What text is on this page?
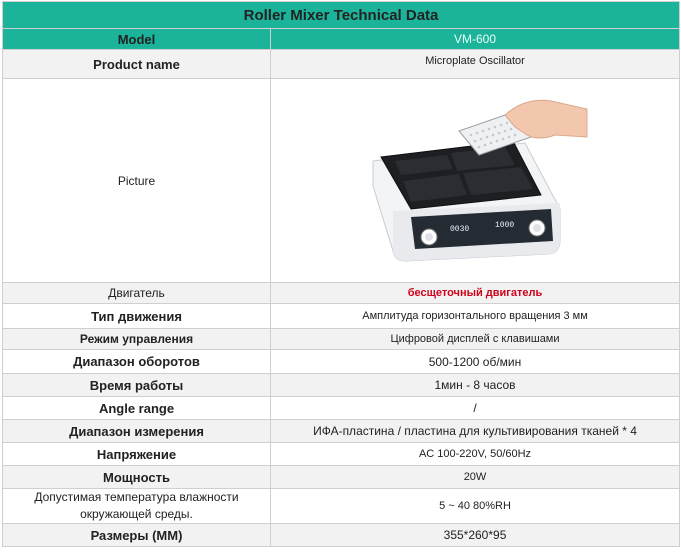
Roller Mixer Technical Data	
Model	VM-600
Product name	Microplate Oscillator
Picture	0030 1000

Двигатель	бесщеточный двигатель
Тип движения	Амплитуда горизонтального вращения 3 мм
Режим управления	Цифровой дисплей с клавишами
Диапазон оборотов	500-1200 об/мин
Время работы	1мин - 8 часов
Angle range	/
Диапазон измерения	ИФА-пластина / пластина для культивирования тканей * 4
Напряжение	AC 100-220V, 50/60Hz
Мощность	20W
Допустимая температура влажности окружающей среды.	5 ~ 40 80%RH
Размеры (MM)	355*260*95
